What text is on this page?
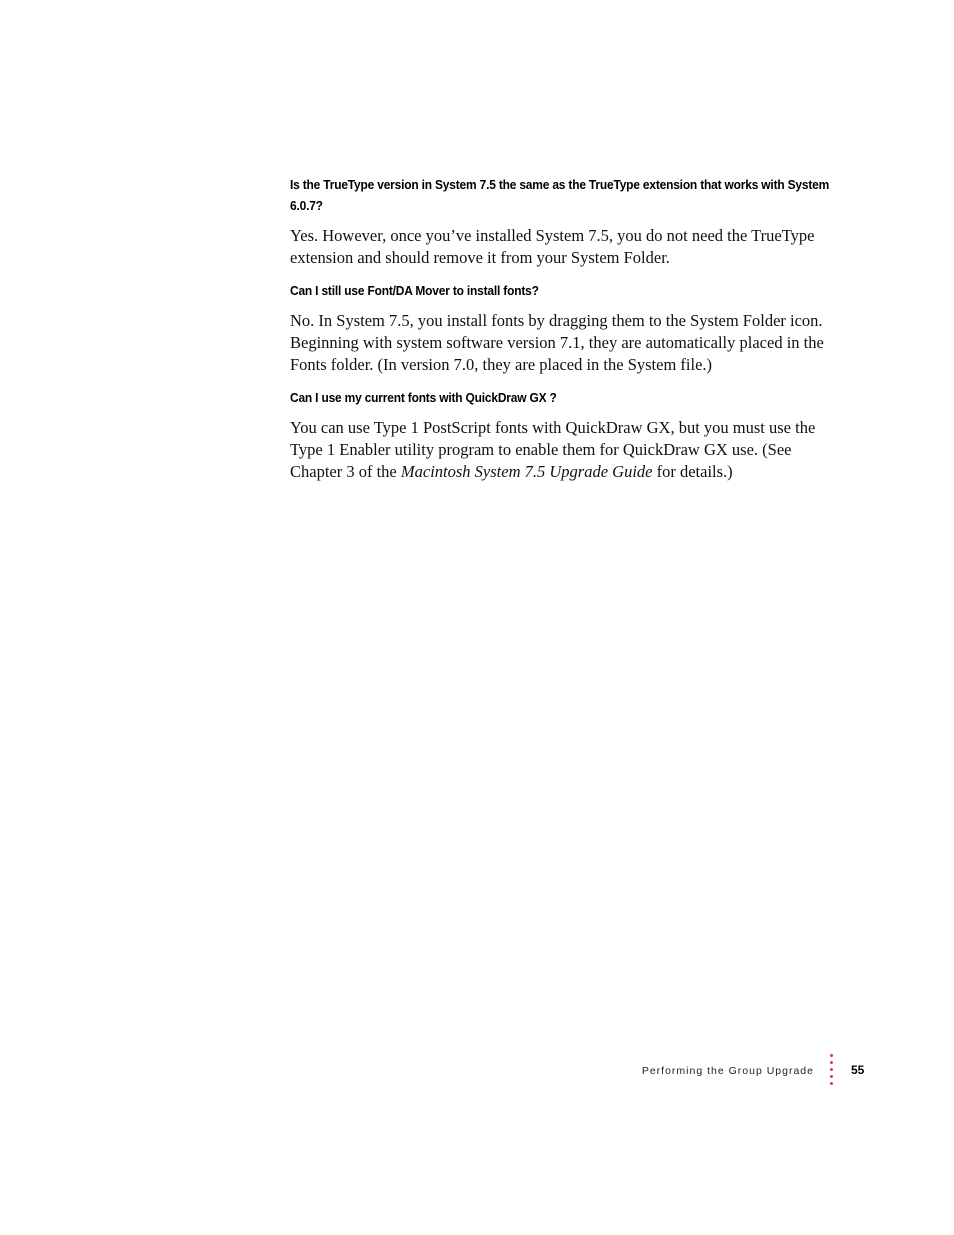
Is the TrueType version in System 7.5 the same as the TrueType extension that works with System 6.0.7?

Yes. However, once you’ve installed System 7.5, you do not need the TrueType extension and should remove it from your System Folder.

Can I still use Font/DA Mover to install fonts?

No. In System 7.5, you install fonts by dragging them to the System Folder icon. Beginning with system software version 7.1, they are automatically placed in the Fonts folder. (In version 7.0, they are placed in the System file.)

Can I use my current fonts with QuickDraw GX ?

You can use Type 1 PostScript fonts with QuickDraw GX, but you must use the Type 1 Enabler utility program to enable them for QuickDraw GX use. (See Chapter 3 of the Macintosh System 7.5 Upgrade Guide for details.)

Performing the Group Upgrade	55
